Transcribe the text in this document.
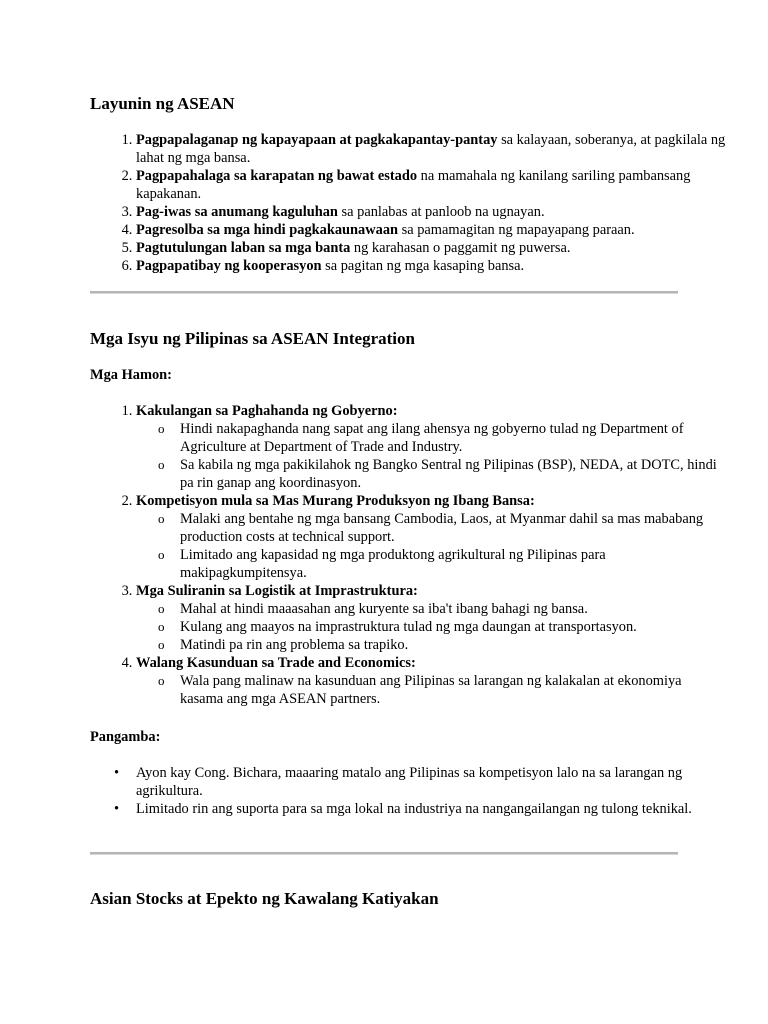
Layunin ng ASEAN
1. Pagpapalaganap ng kapayapaan at pagkakapantay-pantay sa kalayaan, soberanya, at pagkilala ng lahat ng mga bansa.
2. Pagpapahalaga sa karapatan ng bawat estado na mamahala ng kanilang sariling pambansang kapakanan.
3. Pag-iwas sa anumang kaguluhan sa panlabas at panloob na ugnayan.
4. Pagresolba sa mga hindi pagkakaunawaan sa pamamagitan ng mapayapang paraan.
5. Pagtutulungan laban sa mga banta ng karahasan o paggamit ng puwersa.
6. Pagpapatibay ng kooperasyon sa pagitan ng mga kasaping bansa.
Mga Isyu ng Pilipinas sa ASEAN Integration

Mga Hamon:

1. Kakulangan sa Paghahanda ng Gobyerno:
o Hindi nakapaghanda nang sapat ang ilang ahensya ng gobyerno tulad ng Department of Agriculture at Department of Trade and Industry.
o Sa kabila ng mga pakikilahok ng Bangko Sentral ng Pilipinas (BSP), NEDA, at DOTC, hindi pa rin ganap ang koordinasyon.
2. Kompetisyon mula sa Mas Murang Produksyon ng Ibang Bansa:
o Malaki ang bentahe ng mga bansang Cambodia, Laos, at Myanmar dahil sa mas mababang production costs at technical support.
o Limitado ang kapasidad ng mga produktong agrikultural ng Pilipinas para makipagkumpitensya.
3. Mga Suliranin sa Logistik at Imprastruktura:
o Mahal at hindi maaasahan ang kuryente sa iba't ibang bahagi ng bansa.
o Kulang ang maayos na imprastruktura tulad ng mga daungan at transportasyon.
o Matindi pa rin ang problema sa trapiko.
4. Walang Kasunduan sa Trade and Economics:
o Wala pang malinaw na kasunduan ang Pilipinas sa larangan ng kalakalan at ekonomiya kasama ang mga ASEAN partners.

Pangamba:

• Ayon kay Cong. Bichara, maaaring matalo ang Pilipinas sa kompetisyon lalo na sa larangan ng agrikultura.
• Limitado rin ang suporta para sa mga lokal na industriya na nangangailangan ng tulong teknikal.
Asian Stocks at Epekto ng Kawalang Katiyakan
